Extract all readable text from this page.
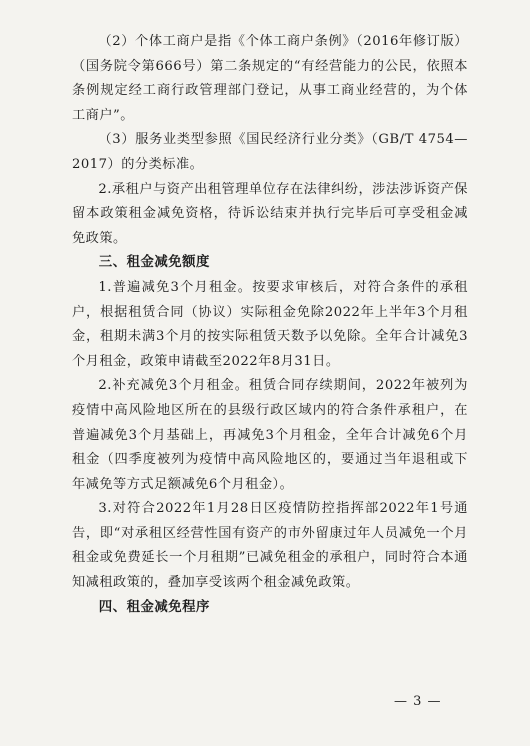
（2）个体工商户是指《个体工商户条例》（2016年修订版）（国务院令第666号）第二条规定的“有经营能力的公民，依照本条例规定经工商行政管理部门登记，从事工商业经营的，为个体工商户”。

（3）服务业类型参照《国民经济行业分类》（GB/T 4754—2017）的分类标准。

2.承租户与资产出租管理单位存在法律纠纷，涉法涉诉资产保留本政策租金减免资格，待诉讼结束并执行完毕后可享受租金减免政策。

三、租金减免额度

1.普遍减免3个月租金。按要求审核后，对符合条件的承租户，根据租赁合同（协议）实际租金免除2022年上半年3个月租金，租期未满3个月的按实际租赁天数予以免除。全年合计减免3个月租金，政策申请截至2022年8月31日。

2.补充减免3个月租金。租赁合同存续期间，2022年被列为疫情中高风险地区所在的县级行政区域内的符合条件承租户，在普遍减免3个月基础上，再减免3个月租金，全年合计减免6个月租金（四季度被列为疫情中高风险地区的，要通过当年退租或下年减免等方式足额减免6个月租金）。

3.对符合2022年1月28日区疫情防控指挥部2022年1号通告，即“对承租区经营性国有资产的市外留康过年人员减免一个月租金或免费延长一个月租期”已减免租金的承租户，同时符合本通知减租政策的，叠加享受该两个租金减免政策。

四、租金减免程序

— 3 —
